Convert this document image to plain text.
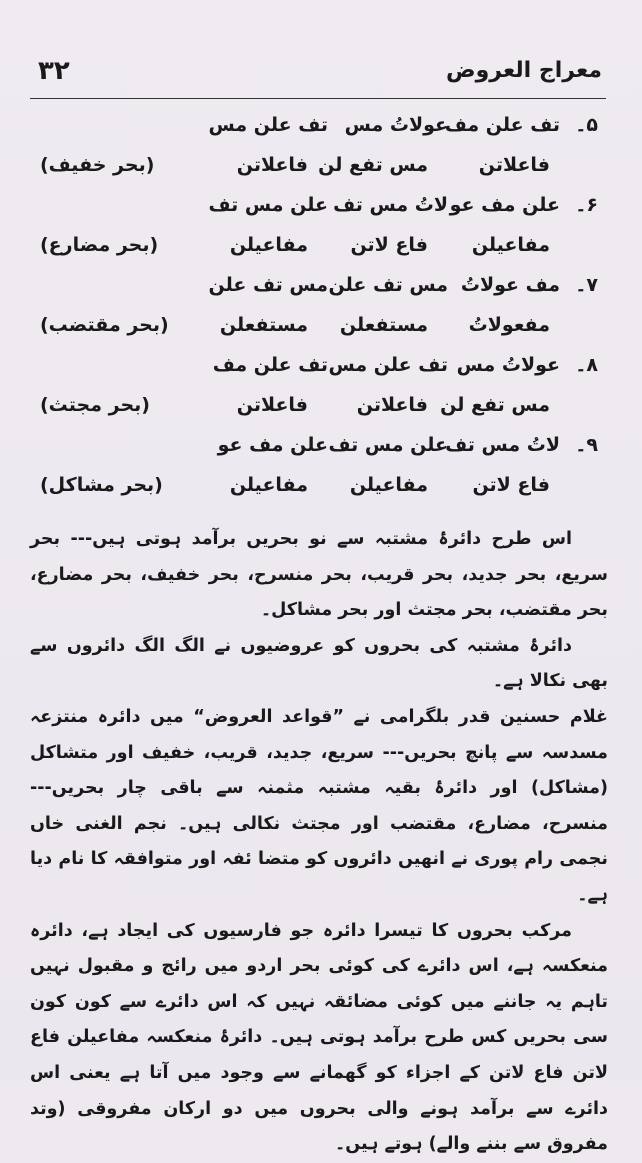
۳۲	معراج العروض
۵۔
تف علن مف
عولاتُ مس
تف علن مس
فاعلاتن
مس تفع لن
فاعلاتن
(بحر خفیف)
۶۔
علن مف عو
لاتُ مس تف
علن مس تف
مفاعیلن
فاع لاتن
مفاعیلن
(بحر مضارع)
۷۔
مف عولاتُ
مس تف علن
مس تف علن
مفعولاتُ
مستفعلن
مستفعلن
(بحر مقتضب)
۸۔
عولاتُ مس
تف علن مس
تف علن مف
مس تفع لن
فاعلاتن
فاعلاتن
(بحر مجتث)
۹۔
لاتُ مس تف
علن مس تف
علن مف عو
فاع لاتن
مفاعیلن
مفاعیلن
(بحر مشاکل)

اس طرح دائرۂ مشتبہ سے نو بحریں برآمد ہوتی ہیں--- بحر سریع، بحر جدید، بحر قریب، بحر منسرح، بحر خفیف، بحر مضارع، بحر مقتضب، بحر مجتث اور بحر مشاکل۔

دائرۂ مشتبہ کی بحروں کو عروضیوں نے الگ الگ دائروں سے بھی نکالا ہے۔

غلام حسنین قدر بلگرامی نے ”قواعد العروض“ میں دائرہ منتزعہ مسدسہ سے پانچ بحریں--- سریع، جدید، قریب، خفیف اور متشاکل (مشاکل) اور دائرۂ بقیہ مشتبہ مثمنہ سے باقی چار بحریں--- منسرح، مضارع، مقتضب اور مجتث نکالی ہیں۔ نجم الغنی خاں نجمی رام پوری نے انھیں دائروں کو متضا ئفہ اور متوافقہ کا نام دیا ہے۔

مرکب بحروں کا تیسرا دائرہ جو فارسیوں کی ایجاد ہے، دائرہ منعکسہ ہے، اس دائرے کی کوئی بحر اردو میں رائج و مقبول نہیں تاہم یہ جاننے میں کوئی مضائقہ نہیں کہ اس دائرے سے کون کون سی بحریں کس طرح برآمد ہوتی ہیں۔ دائرۂ منعکسہ مفاعیلن فاع لاتن فاع لاتن کے اجزاء کو گھمانے سے وجود میں آتا ہے یعنی اس دائرے سے برآمد ہونے والی بحروں میں دو ارکان مفروقی (وتد مفروق سے بننے والے) ہوتے ہیں۔
